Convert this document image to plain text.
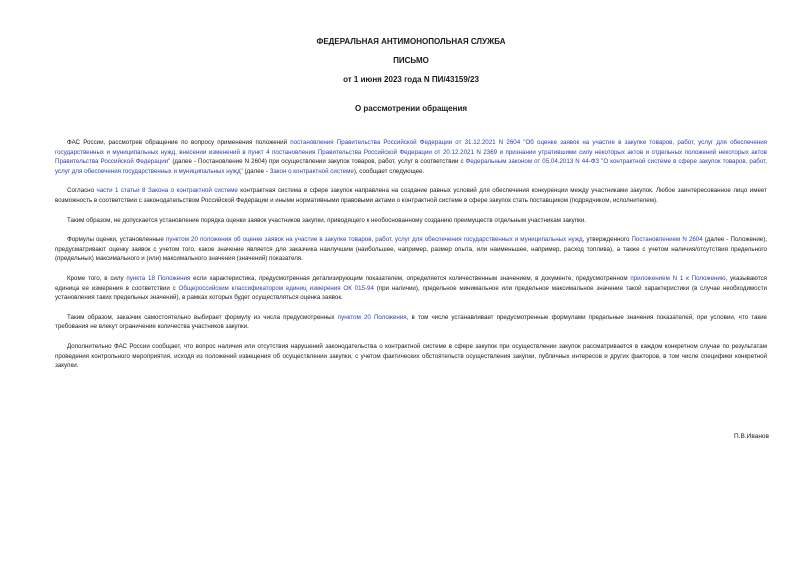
ФЕДЕРАЛЬНАЯ АНТИМОНОПОЛЬНАЯ СЛУЖБА
ПИСЬМО
от 1 июня 2023 года N ПИ/43159/23
О рассмотрении обращения

ФАС России, рассмотрев обращение по вопросу применения положений постановления Правительства Российской Федерации от 31.12.2021 N 2604 "Об оценке заявок на участие в закупке товаров, работ, услуг для обеспечения государственных и муниципальных нужд, внесении изменений в пункт 4 постановления Правительства Российской Федерации от 20.12.2021 N 2369 и признании утратившими силу некоторых актов и отдельных положений некоторых актов Правительства Российской Федерации" (далее - Постановление N 2604) при осуществлении закупок товаров, работ, услуг в соответствии с Федеральным законом от 05.04.2013 N 44-ФЗ "О контрактной системе в сфере закупок товаров, работ, услуг для обеспечения государственных и муниципальных нужд" (далее - Закон о контрактной системе), сообщает следующее.

Согласно части 1 статьи 8 Закона о контрактной системе контрактная система в сфере закупок направлена на создание равных условий для обеспечения конкуренции между участниками закупок. Любое заинтересованное лицо имеет возможность в соответствии с законодательством Российской Федерации и иными нормативными правовыми актами о контрактной системе в сфере закупок стать поставщиком (подрядчиком, исполнителем).

Таким образом, не допускается установление порядка оценки заявок участников закупки, приводящего к необоснованному созданию преимуществ отдельным участникам закупки.

Формулы оценки, установленные пунктом 20 положения об оценке заявок на участие в закупке товаров, работ, услуг для обеспечения государственных и муниципальных нужд, утвержденного Постановлением N 2604 (далее - Положение), предусматривают оценку заявок с учетом того, какое значение является для заказчика наилучшим (наибольшее, например, размер опыта, или наименьшее, например, расход топлива), а также с учетом наличия/отсутствия предельного (предельных) максимального и (или) максимального значения (значений) показателя.

Кроме того, в силу пункта 18 Положения если характеристика, предусмотренная детализирующим показателем, определяется количественным значением, в документе, предусмотренном приложением N 1 к Положению, указываются единица ее измерения в соответствии с Общероссийским классификатором единиц измерения ОК 015-94 (при наличии), предельное минимальное или предельное максимальное значение такой характеристики (в случае необходимости установления таких предельных значений), в рамках которых будет осуществляться оценка заявок.

Таким образом, заказчик самостоятельно выбирает формулу из числа предусмотренных пунктом 20 Положения, в том числе устанавливает предусмотренные формулами предельные значения показателей, при условии, что такие требования не влекут ограничение количества участников закупки.

Дополнительно ФАС России сообщает, что вопрос наличия или отсутствия нарушений законодательства о контрактной системе в сфере закупок при осуществлении закупок рассматривается в каждом конкретном случае по результатам проведения контрольного мероприятия, исходя из положений извещения об осуществлении закупки, с учетом фактических обстоятельств осуществления закупки, публичных интересов и других факторов, в том числе специфики конкретной закупки.

П.В.Иванов
